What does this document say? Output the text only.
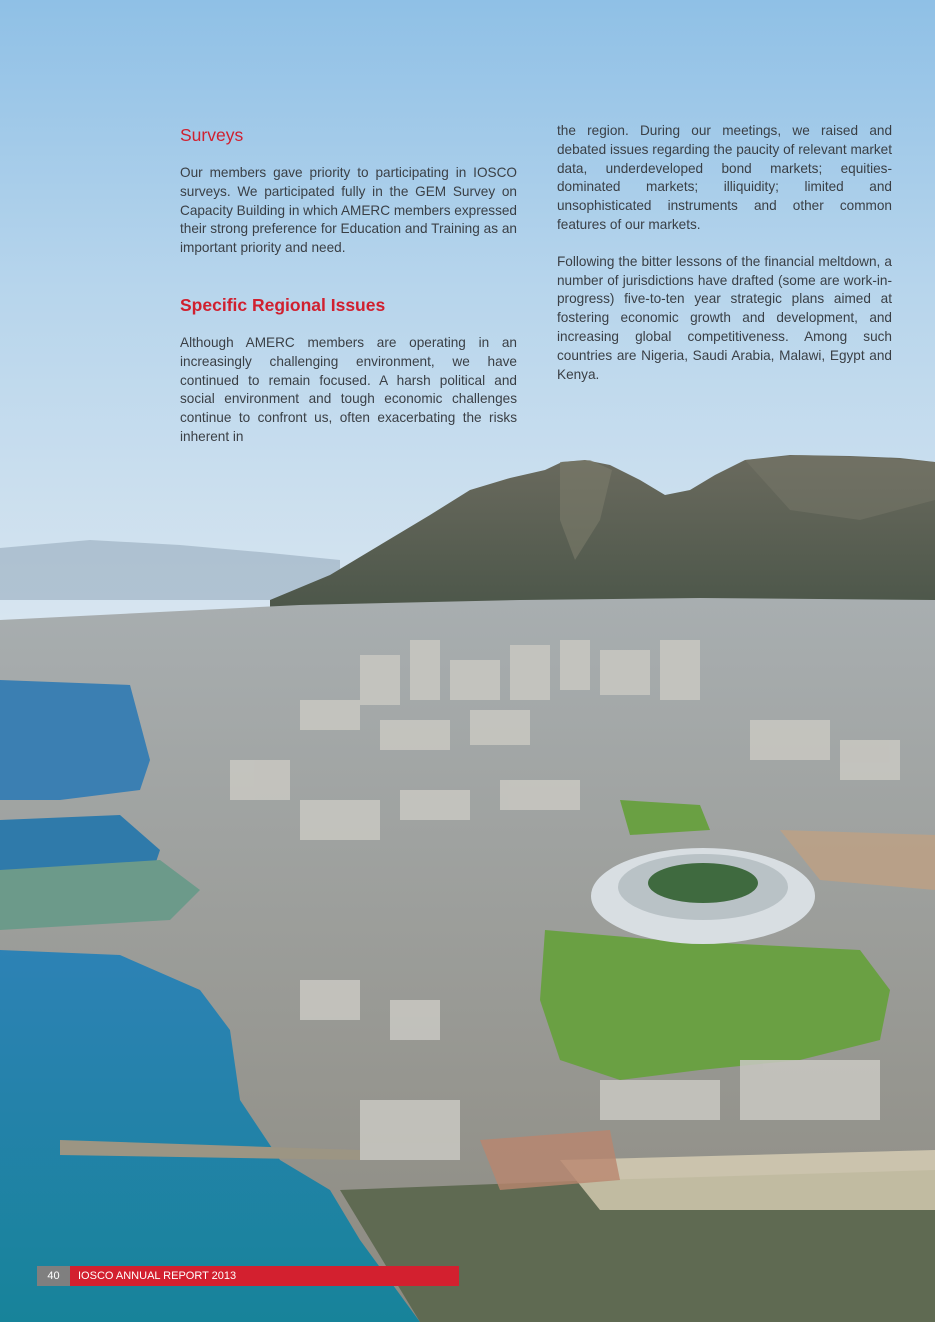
Surveys

Our members gave priority to participating in IOSCO surveys. We participated fully in the GEM Survey on Capacity Building in which AMERC members expressed their strong preference for Education and Training as an important priority and need.

Specific Regional Issues

Although AMERC members are operating in an increasingly challenging environment, we have continued to remain focused. A harsh political and social environment and tough economic challenges continue to confront us, often exacerbating the risks inherent in

the region. During our meetings, we raised and debated issues regarding the paucity of relevant market data, underdeveloped bond markets; equities-dominated markets; illiquidity; limited and unsophisticated instruments and other common features of our markets.

Following the bitter lessons of the financial meltdown, a number of jurisdictions have drafted (some are work-in-progress) five-to-ten year strategic plans aimed at fostering economic growth and development, and increasing global competitiveness. Among such countries are Nigeria, Saudi Arabia, Malawi, Egypt and Kenya.

40	IOSCO ANNUAL REPORT 2013
